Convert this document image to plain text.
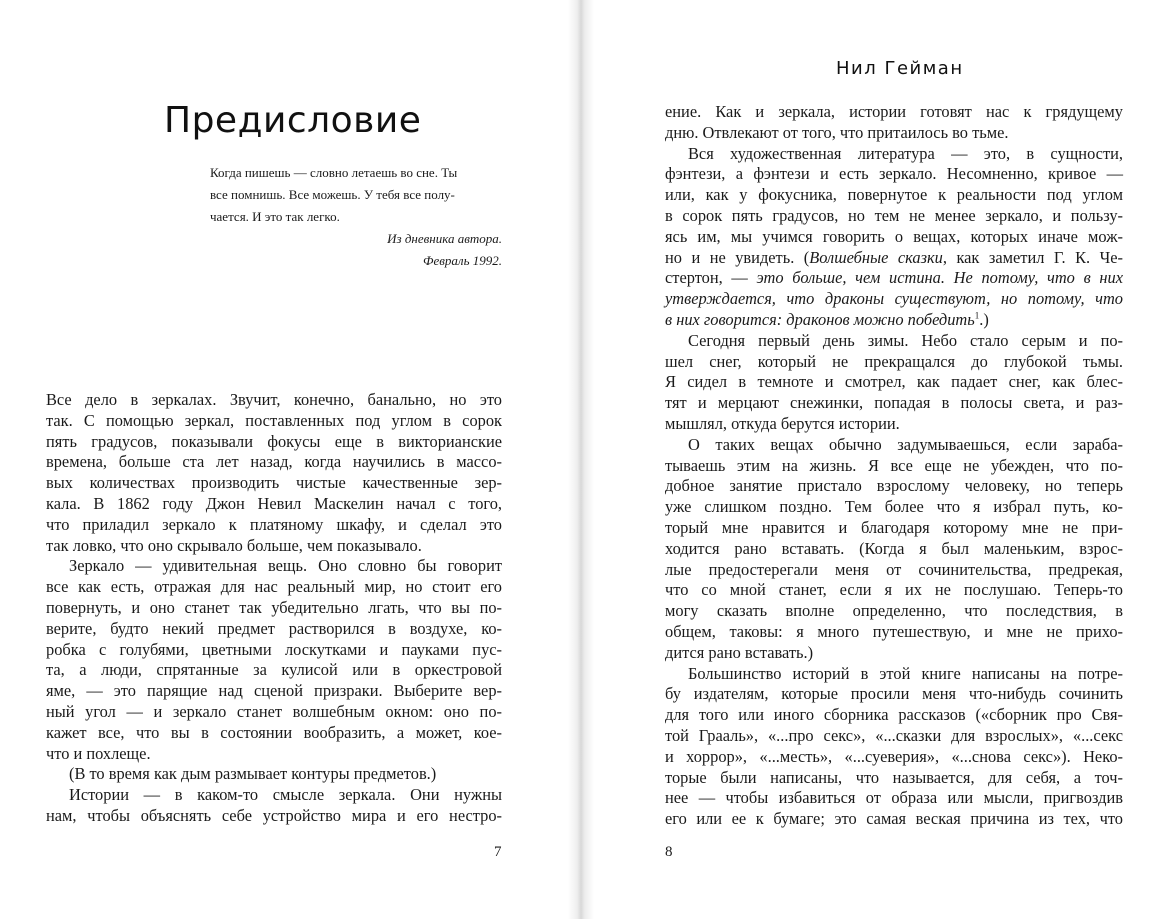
Предисловие
Когда пишешь — словно летаешь во сне. Ты
все помнишь. Все можешь. У тебя все полу-
чается. И это так легко.
Из дневника автора.
Февраль 1992.
Все дело в зеркалах. Звучит, конечно, банально, но это
так. С помощью зеркал, поставленных под углом в сорок
пять градусов, показывали фокусы еще в викторианские
времена, больше ста лет назад, когда научились в массо-
вых количествах производить чистые качественные зер-
кала. В 1862 году Джон Невил Маскелин начал с того,
что приладил зеркало к платяному шкафу, и сделал это
так ловко, что оно скрывало больше, чем показывало.
Зеркало — удивительная вещь. Оно словно бы говорит
все как есть, отражая для нас реальный мир, но стоит его
повернуть, и оно станет так убедительно лгать, что вы по-
верите, будто некий предмет растворился в воздухе, ко-
робка с голубями, цветными лоскутками и пауками пус-
та, а люди, спрятанные за кулисой или в оркестровой
яме, — это парящие над сценой призраки. Выберите вер-
ный угол — и зеркало станет волшебным окном: оно по-
кажет все, что вы в состоянии вообразить, а может, кое-
что и похлеще.
(В то время как дым размывает контуры предметов.)
Истории — в каком-то смысле зеркала. Они нужны
нам, чтобы объяснять себе устройство мира и его нестро-
7
Нил Гейман
ение. Как и зеркала, истории готовят нас к грядущему
дню. Отвлекают от того, что притаилось во тьме.
Вся художественная литература — это, в сущности,
фэнтези, а фэнтези и есть зеркало. Несомненно, кривое —
или, как у фокусника, повернутое к реальности под углом
в сорок пять градусов, но тем не менее зеркало, и пользу-
ясь им, мы учимся говорить о вещах, которых иначе мож-
но и не увидеть. (Волшебные сказки, как заметил Г. К. Че-
стертон, — это больше, чем истина. Не потому, что в них
утверждается, что драконы существуют, но потому, что
в них говорится: драконов можно победить$^1$.)
Сегодня первый день зимы. Небо стало серым и по-
шел снег, который не прекращался до глубокой тьмы.
Я сидел в темноте и смотрел, как падает снег, как блес-
тят и мерцают снежинки, попадая в полосы света, и раз-
мышлял, откуда берутся истории.
О таких вещах обычно задумываешься, если зараба-
тываешь этим на жизнь. Я все еще не убежден, что по-
добное занятие пристало взрослому человеку, но теперь
уже слишком поздно. Тем более что я избрал путь, ко-
торый мне нравится и благодаря которому мне не при-
ходится рано вставать. (Когда я был маленьким, взрос-
лые предостерегали меня от сочинительства, предрекая,
что со мной станет, если я их не послушаю. Теперь-то
могу сказать вполне определенно, что последствия, в
общем, таковы: я много путешествую, и мне не прихо-
дится рано вставать.)
Большинство историй в этой книге написаны на потре-
бу издателям, которые просили меня что-нибудь сочинить
для того или иного сборника рассказов («сборник про Свя-
той Грааль», «...про секс», «...сказки для взрослых», «...секс
и хоррор», «...месть», «...суеверия», «...снова секс»). Неко-
торые были написаны, что называется, для себя, а точ-
нее — чтобы избавиться от образа или мысли, пригвоздив
его или ее к бумаге; это самая веская причина из тех, что
8
